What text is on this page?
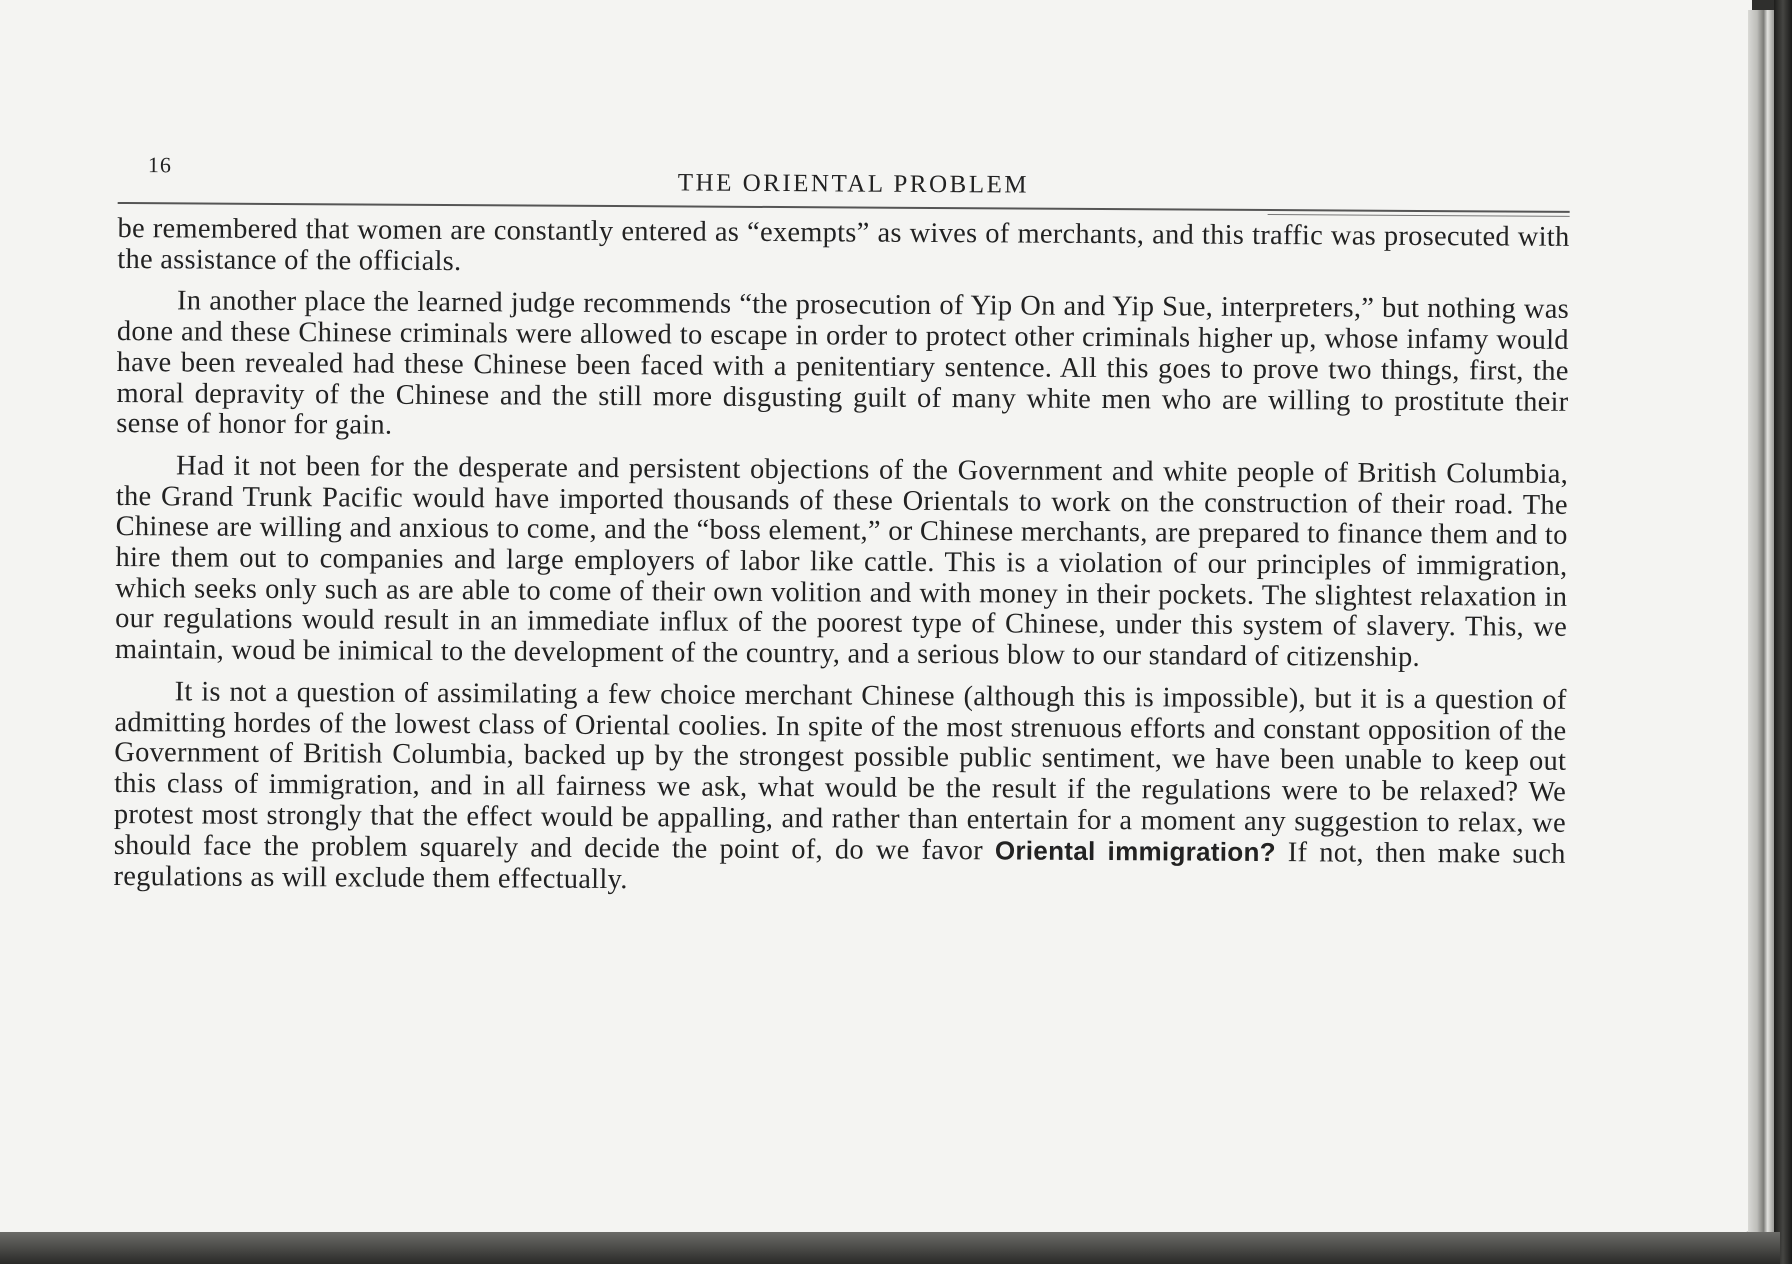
16
THE ORIENTAL PROBLEM

be remembered that women are constantly entered as “exempts” as wives of merchants, and this traffic was prosecuted with the assistance of the officials.

In another place the learned judge recommends “the prosecution of Yip On and Yip Sue, interpreters,” but nothing was done and these Chinese criminals were allowed to escape in order to protect other criminals higher up, whose infamy would have been revealed had these Chinese been faced with a penitentiary sentence. All this goes to prove two things, first, the moral depravity of the Chinese and the still more disgusting guilt of many white men who are willing to prostitute their sense of honor for gain.

Had it not been for the desperate and persistent objections of the Government and white people of British Columbia, the Grand Trunk Pacific would have imported thousands of these Orientals to work on the construction of their road. The Chinese are willing and anxious to come, and the “boss element,” or Chinese merchants, are prepared to finance them and to hire them out to companies and large employers of labor like cattle. This is a violation of our principles of immigration, which seeks only such as are able to come of their own volition and with money in their pockets. The slightest relaxation in our regulations would result in an immediate influx of the poorest type of Chinese, under this system of slavery. This, we maintain, woud be inimical to the development of the country, and a serious blow to our standard of citizenship.

It is not a question of assimilating a few choice merchant Chinese (although this is impossible), but it is a question of admitting hordes of the lowest class of Oriental coolies. In spite of the most strenuous efforts and constant opposition of the Government of British Columbia, backed up by the strongest possible public sentiment, we have been unable to keep out this class of immigration, and in all fairness we ask, what would be the result if the regulations were to be relaxed? We protest most strongly that the effect would be appalling, and rather than entertain for a moment any suggestion to relax, we should face the problem squarely and decide the point of, do we favor Oriental immigration? If not, then make such regulations as will exclude them effectually.
